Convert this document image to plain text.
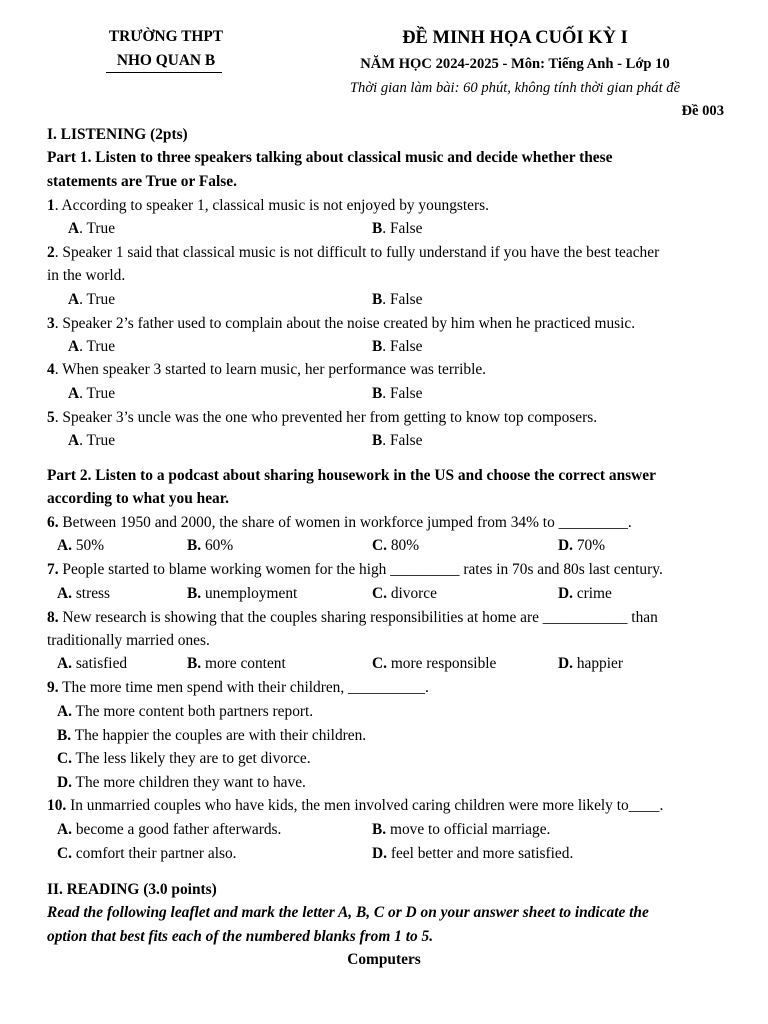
TRƯỜNG THPT
NHO QUAN B
ĐỀ MINH HỌA CUỐI KỲ I
NĂM HỌC 2024-2025 - Môn: Tiếng Anh - Lớp 10
Thời gian làm bài: 60 phút, không tính thời gian phát đề
Đề 003
I. LISTENING (2pts)
Part 1. Listen to three speakers talking about classical music and decide whether these
statements are True or False.
1. According to speaker 1, classical music is not enjoyed by youngsters.
A. True	B. False
2. Speaker 1 said that classical music is not difficult to fully understand if you have the best teacher
in the world.
A. True	B. False
3. Speaker 2’s father used to complain about the noise created by him when he practiced music.
A. True	B. False
4. When speaker 3 started to learn music, her performance was terrible.
A. True	B. False
5. Speaker 3’s uncle was the one who prevented her from getting to know top composers.
A. True	B. False
Part 2. Listen to a podcast about sharing housework in the US and choose the correct answer
according to what you hear.
6. Between 1950 and 2000, the share of women in workforce jumped from 34% to _________.
A. 50%	B. 60%	C. 80%	D. 70%
7. People started to blame working women for the high _________ rates in 70s and 80s last century.
A. stress	B. unemployment	C. divorce	D. crime
8. New research is showing that the couples sharing responsibilities at home are ___________ than
traditionally married ones.
A. satisfied	B. more content	C. more responsible	D. happier
9. The more time men spend with their children, __________.
A. The more content both partners report.
B. The happier the couples are with their children.
C. The less likely they are to get divorce.
D. The more children they want to have.
10. In unmarried couples who have kids, the men involved caring children were more likely to____.
A. become a good father afterwards.	B. move to official marriage.
C. comfort their partner also.	D. feel better and more satisfied.
II. READING (3.0 points)
Read the following leaflet and mark the letter A, B, C or D on your answer sheet to indicate the
option that best fits each of the numbered blanks from 1 to 5.
Computers
